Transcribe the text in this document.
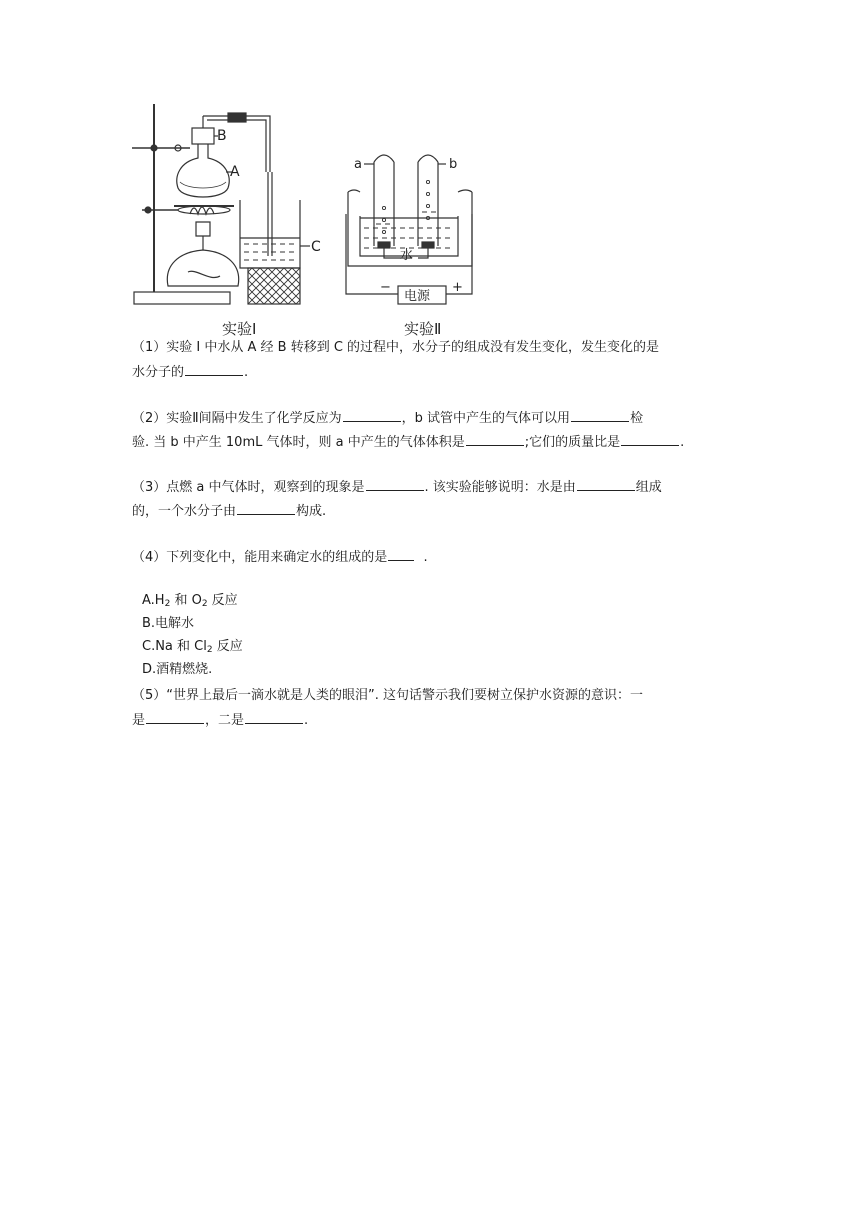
B
A
C
a	b
水
电源
−	+
实验Ⅰ	实验Ⅱ
（1）实验 I 中水从 A 经 B 转移到 C 的过程中，水分子的组成没有发生变化，发生变化的是
水分子的	.
（2）实验Ⅱ间隔中发生了化学反应为	，b 试管中产生的气体可以用	检
验. 当 b 中产生 10mL 气体时，则 a 中产生的气体体积是	;它们的质量比是	.
（3）点燃 a 中气体时，观察到的现象是	. 该实验能够说明：水是由	组成
的，一个水分子由	构成.
（4）下列变化中，能用来确定水的组成的是	.
$A.H_2$ 和 $O_2$ 反应
B.电解水
C.Na 和 $Cl_2$ 反应
D.酒精燃烧.
（5）“世界上最后一滴水就是人类的眼泪”. 这句话警示我们要树立保护水资源的意识：一
是	，二是	.
